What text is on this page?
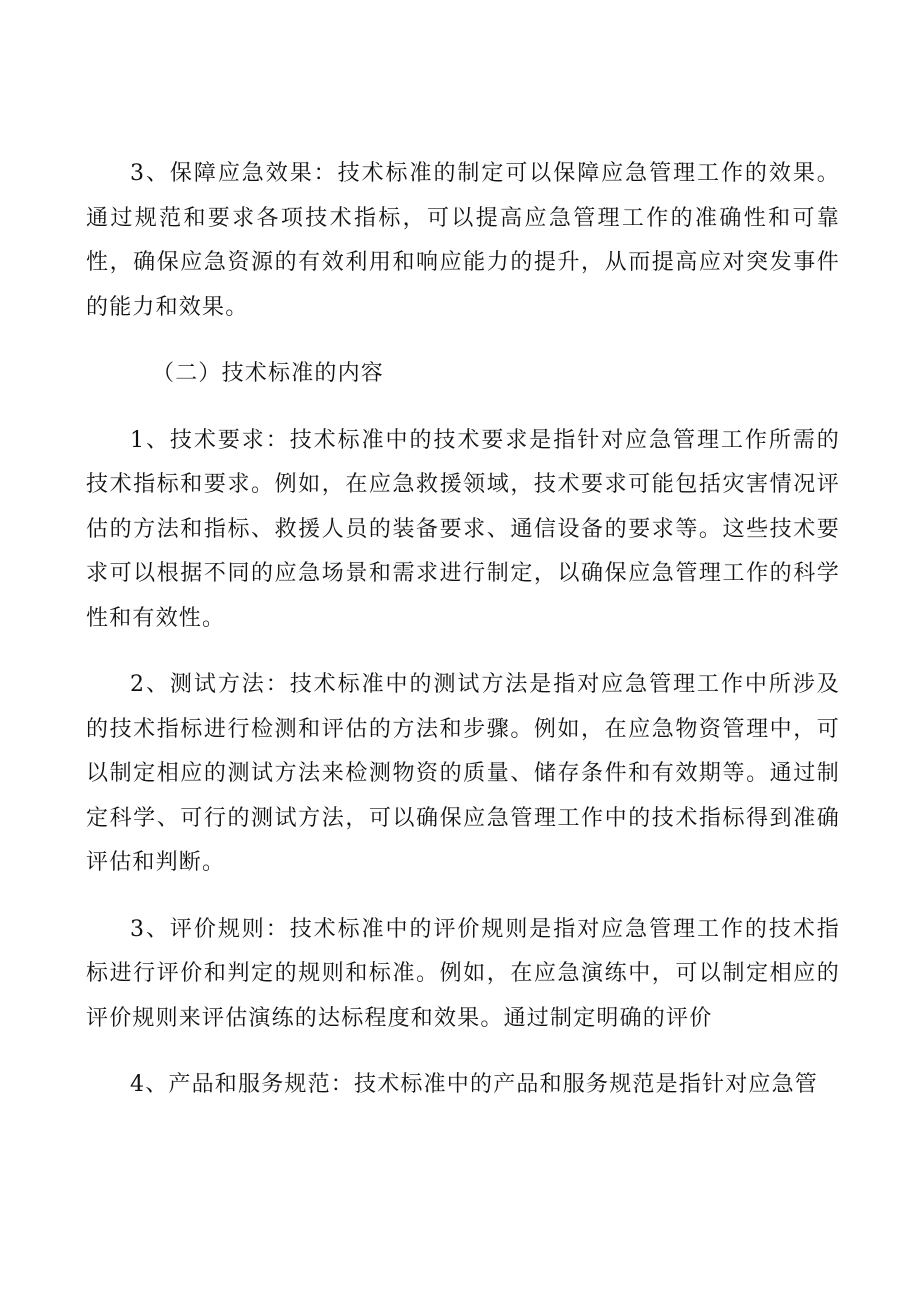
3、保障应急效果：技术标准的制定可以保障应急管理工作的效果。通过规范和要求各项技术指标，可以提高应急管理工作的准确性和可靠性，确保应急资源的有效利用和响应能力的提升，从而提高应对突发事件的能力和效果。

（二）技术标准的内容

1、技术要求：技术标准中的技术要求是指针对应急管理工作所需的技术指标和要求。例如，在应急救援领域，技术要求可能包括灾害情况评估的方法和指标、救援人员的装备要求、通信设备的要求等。这些技术要求可以根据不同的应急场景和需求进行制定，以确保应急管理工作的科学性和有效性。

2、测试方法：技术标准中的测试方法是指对应急管理工作中所涉及的技术指标进行检测和评估的方法和步骤。例如，在应急物资管理中，可以制定相应的测试方法来检测物资的质量、储存条件和有效期等。通过制定科学、可行的测试方法，可以确保应急管理工作中的技术指标得到准确评估和判断。

3、评价规则：技术标准中的评价规则是指对应急管理工作的技术指标进行评价和判定的规则和标准。例如，在应急演练中，可以制定相应的评价规则来评估演练的达标程度和效果。通过制定明确的评价

4、产品和服务规范：技术标准中的产品和服务规范是指针对应急管
